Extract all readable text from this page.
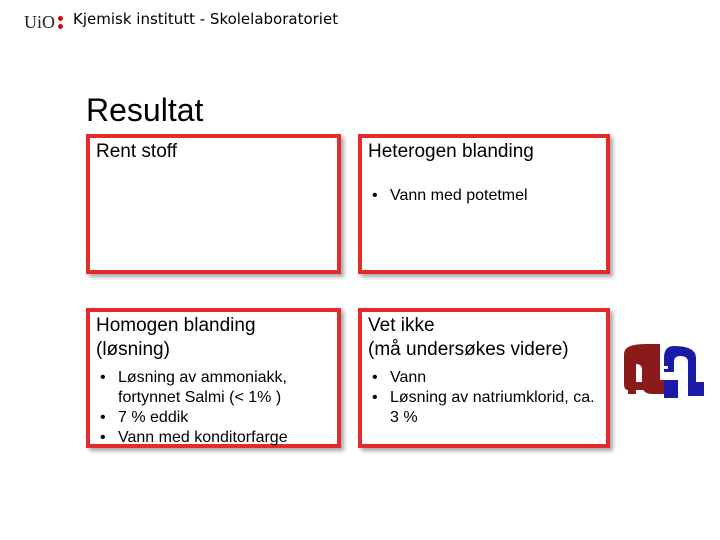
UiO Kjemisk institutt - Skolelaboratoriet
Resultat
Rent stoff	Heterogen blanding
• Vann med potetmel
Homogen blanding
(løsning)
• Løsning av ammoniakk, fortynnet Salmi (< 1% )
• 7 % eddik
• Vann med konditorfarge
Vet ikke
(må undersøkes videre)
• Vann
• Løsning av natriumklorid, ca. 3 %
